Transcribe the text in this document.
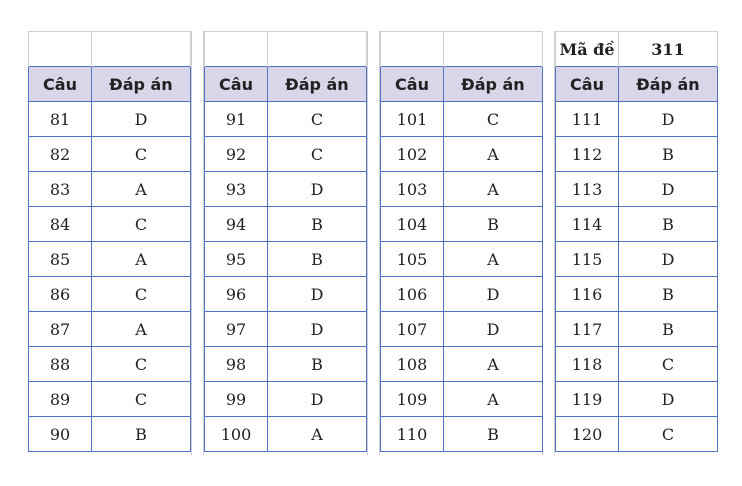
Câu	Đáp án
81	D
82	C
83	A
84	C
85	A
86	C
87	A
88	C
89	C
90	B

Câu	Đáp án
91	C
92	C
93	D
94	B
95	B
96	D
97	D
98	B
99	D
100	A

Câu	Đáp án
101	C
102	A
103	A
104	B
105	A
106	D
107	D
108	A
109	A
110	B
Mã đề	311
Câu	Đáp án
111	D
112	B
113	D
114	B
115	D
116	B
117	B
118	C
119	D
120	C
